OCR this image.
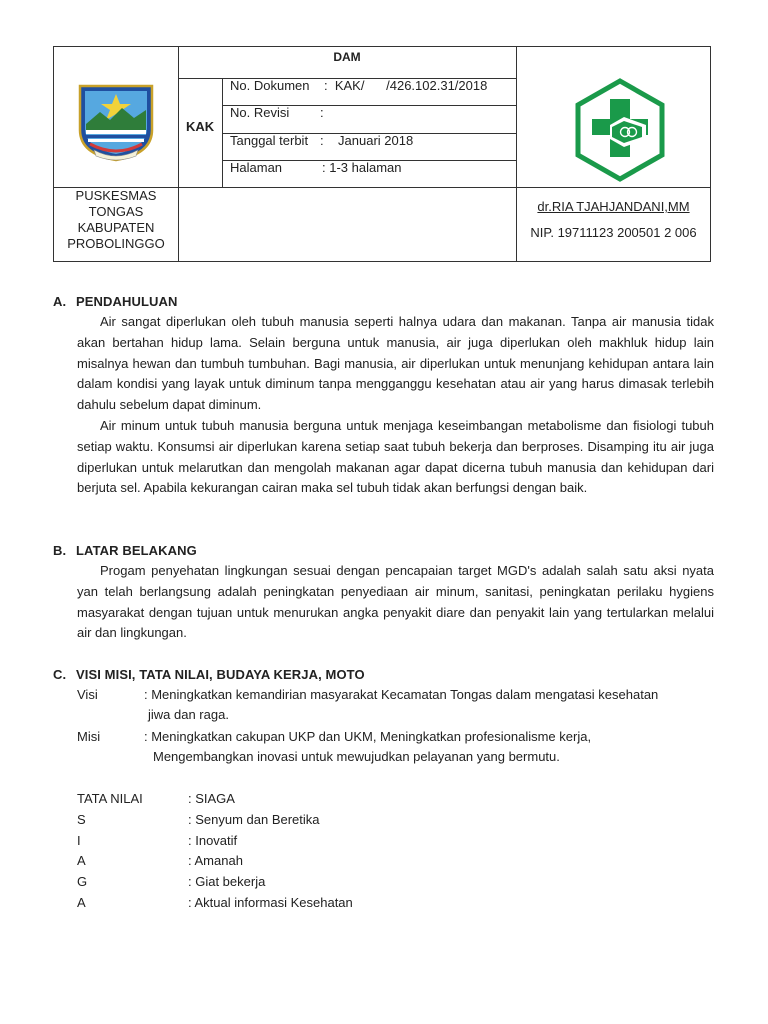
DAM
KAK
No. Dokumen :  KAK/      /426.102.31/2018
No. Revisi :
Tanggal terbit :    Januari 2018
Halaman	: 1-3 halaman
PUSKESMAS
TONGAS
KABUPATEN
PROBOLINGGO
dr.RIA TJAHJANDANI,MM
NIP. 19711123 200501 2 006
A. PENDAHULUAN

Air sangat diperlukan oleh tubuh manusia seperti halnya udara dan makanan. Tanpa air manusia tidak akan bertahan hidup lama. Selain berguna untuk manusia, air juga diperlukan oleh makhluk hidup lain misalnya hewan dan tumbuh tumbuhan. Bagi manusia, air diperlukan untuk menunjang kehidupan antara lain dalam kondisi yang layak untuk diminum tanpa mengganggu kesehatan atau air yang harus dimasak terlebih dahulu sebelum dapat diminum.

Air minum untuk tubuh manusia berguna untuk menjaga keseimbangan metabolisme dan fisiologi tubuh setiap waktu. Konsumsi air diperlukan karena setiap saat tubuh bekerja dan berproses. Disamping itu air juga diperlukan untuk melarutkan dan mengolah makanan agar dapat dicerna tubuh manusia dan kehidupan dari berjuta sel. Apabila kekurangan cairan maka sel tubuh tidak akan berfungsi dengan baik.

B. LATAR BELAKANG

Progam penyehatan lingkungan sesuai dengan pencapaian target MGD's adalah salah satu aksi nyata yan telah berlangsung adalah peningkatan penyediaan air minum, sanitasi, peningkatan perilaku hygiens masyarakat dengan tujuan untuk menurukan angka penyakit diare dan penyakit lain yang tertularkan melalui air dan lingkungan.

C. VISI MISI, TATA NILAI, BUDAYA KERJA, MOTO
Visi	: Meningkatkan kemandirian masyarakat Kecamatan Tongas dalam mengatasi kesehatan
jiwa dan raga.
Misi	: Meningkatkan cakupan UKP dan UKM, Meningkatkan profesionalisme kerja,
Mengembangkan inovasi untuk mewujudkan pelayanan yang bermutu.
TATA NILAI	: SIAGA
S	: Senyum dan Beretika
I	: Inovatif
A	: Amanah
G	: Giat bekerja
A	: Aktual informasi Kesehatan
